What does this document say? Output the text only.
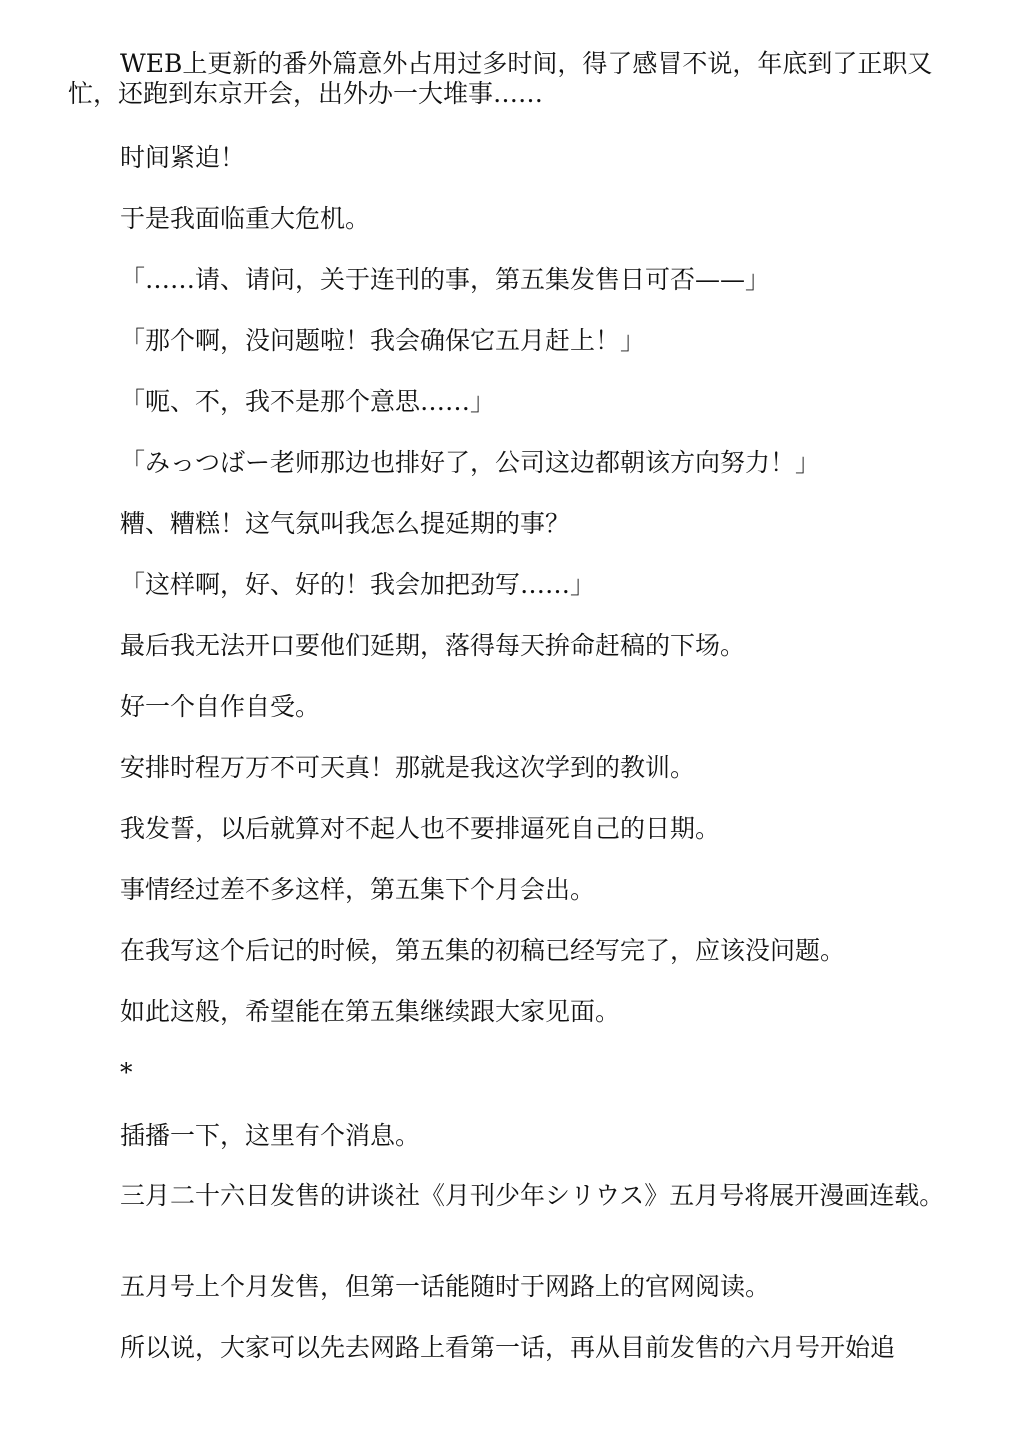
WEB上更新的番外篇意外占用过多时间，得了感冒不说，年底到了正职又忙，还跑到东京开会，出外办一大堆事……

时间紧迫！

于是我面临重大危机。

「……请、请问，关于连刊的事，第五集发售日可否——」

「那个啊，没问题啦！我会确保它五月赶上！」

「呃、不，我不是那个意思……」

「みっつばー老师那边也排好了，公司这边都朝该方向努力！」

糟、糟糕！这气氛叫我怎么提延期的事？

「这样啊，好、好的！我会加把劲写……」

最后我无法开口要他们延期，落得每天拚命赶稿的下场。

好一个自作自受。

安排时程万万不可天真！那就是我这次学到的教训。

我发誓，以后就算对不起人也不要排逼死自己的日期。

事情经过差不多这样，第五集下个月会出。

在我写这个后记的时候，第五集的初稿已经写完了，应该没问题。

如此这般，希望能在第五集继续跟大家见面。

*

插播一下，这里有个消息。

三月二十六日发售的讲谈社《月刊少年シリウス》五月号将展开漫画连载。

五月号上个月发售，但第一话能随时于网路上的官网阅读。

所以说，大家可以先去网路上看第一话，再从目前发售的六月号开始追
